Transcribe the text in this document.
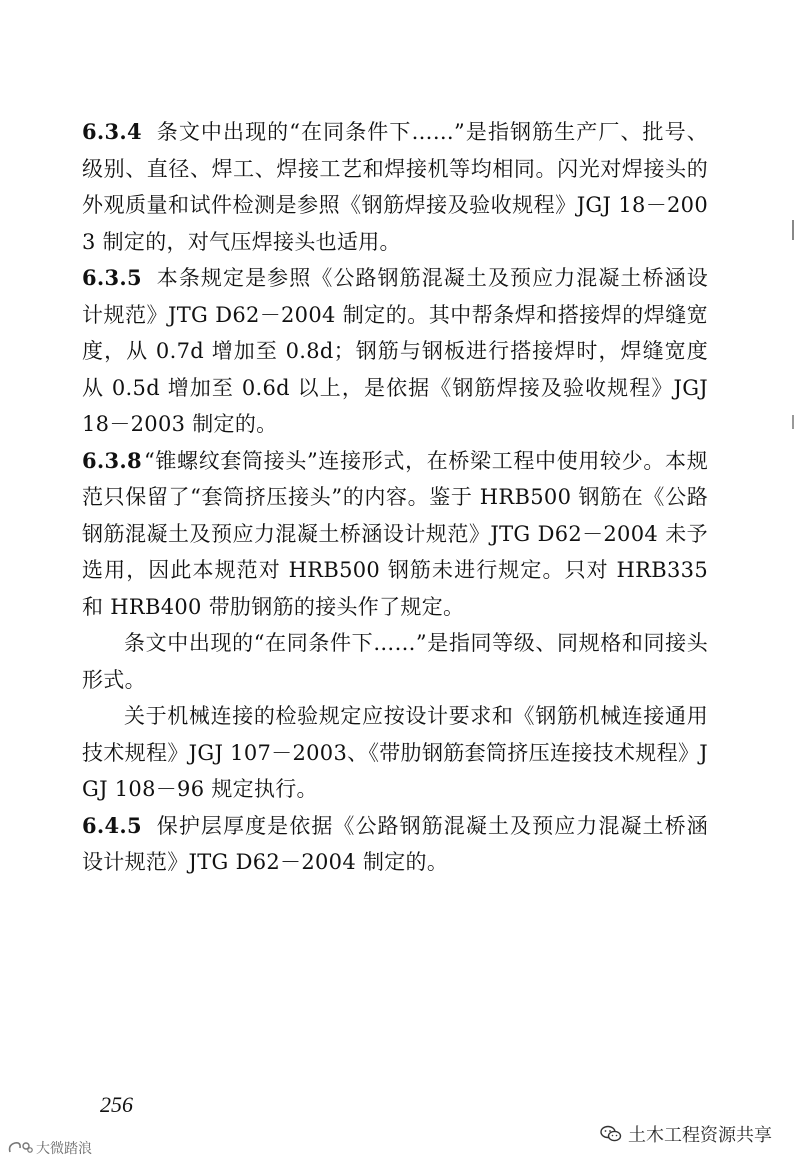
6.3.4 条文中出现的“在同条件下……”是指钢筋生产厂、批号、级别、直径、焊工、焊接工艺和焊接机等均相同。闪光对焊接头的外观质量和试件检测是参照《钢筋焊接及验收规程》JGJ 18－2003 制定的，对气压焊接头也适用。

6.3.5 本条规定是参照《公路钢筋混凝土及预应力混凝土桥涵设计规范》JTG D62－2004 制定的。其中帮条焊和搭接焊的焊缝宽度，从 0.7d 增加至 0.8d；钢筋与钢板进行搭接焊时，焊缝宽度从 0.5d 增加至 0.6d 以上，是依据《钢筋焊接及验收规程》JGJ 18－2003 制定的。

6.3.8“锥螺纹套筒接头”连接形式，在桥梁工程中使用较少。本规范只保留了“套筒挤压接头”的内容。鉴于 HRB500 钢筋在《公路钢筋混凝土及预应力混凝土桥涵设计规范》JTG D62－2004 未予选用，因此本规范对 HRB500 钢筋未进行规定。只对 HRB335 和 HRB400 带肋钢筋的接头作了规定。

条文中出现的“在同条件下……”是指同等级、同规格和同接头形式。

关于机械连接的检验规定应按设计要求和《钢筋机械连接通用技术规程》JGJ 107－2003、《带肋钢筋套筒挤压连接技术规程》JGJ 108－96 规定执行。

6.4.5 保护层厚度是依据《公路钢筋混凝土及预应力混凝土桥涵设计规范》JTG D62－2004 制定的。

256
土木工程资源共享
大微踏浪
